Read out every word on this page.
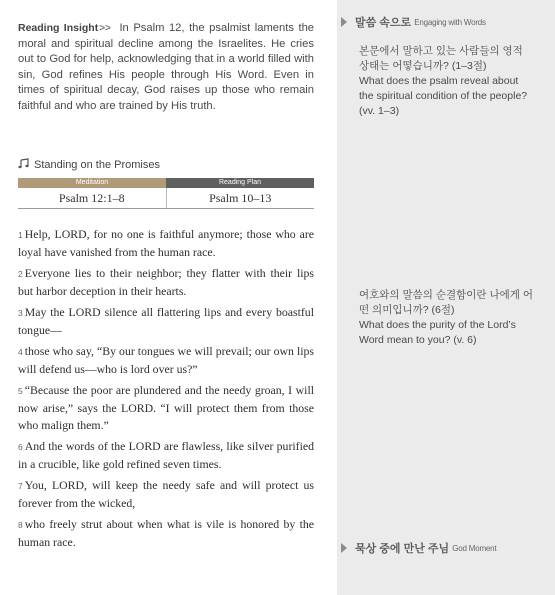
Reading Insight>> In Psalm 12, the psalmist laments the moral and spiritual decline among the Israelites. He cries out to God for help, acknowledging that in a world filled with sin, God refines His people through His Word. Even in times of spiritual decay, God raises up those who remain faithful and who are trained by His truth.

Standing on the Promises
Meditation	Reading Plan
Psalm 12:1–8	Psalm 10–13

1 Help, LORD, for no one is faithful anymore; those who are loyal have vanished from the human race.

2 Everyone lies to their neighbor; they flatter with their lips but harbor deception in their hearts.

3 May the LORD silence all flattering lips and every boastful tongue—

4 those who say, “By our tongues we will prevail; our own lips will defend us—who is lord over us?”

5 “Because the poor are plundered and the needy groan, I will now arise,” says the LORD. “I will protect them from those who malign them.”

6 And the words of the LORD are flawless, like silver purified in a crucible, like gold refined seven times.

7 You, LORD, will keep the needy safe and will protect us forever from the wicked,

8 who freely strut about when what is vile is honored by the human race.

말씀 속으로 Engaging with Words
본문에서 말하고 있는 사람들의 영적 상태는 어떻습니까? (1–3절)
What does the psalm reveal about the spiritual condition of the people? (vv. 1–3)
여호와의 말씀의 순결함이란 나에게 어떤 의미입니까? (6절)
What does the purity of the Lord’s Word mean to you? (v. 6)
묵상 중에 만난 주님 God Moment
